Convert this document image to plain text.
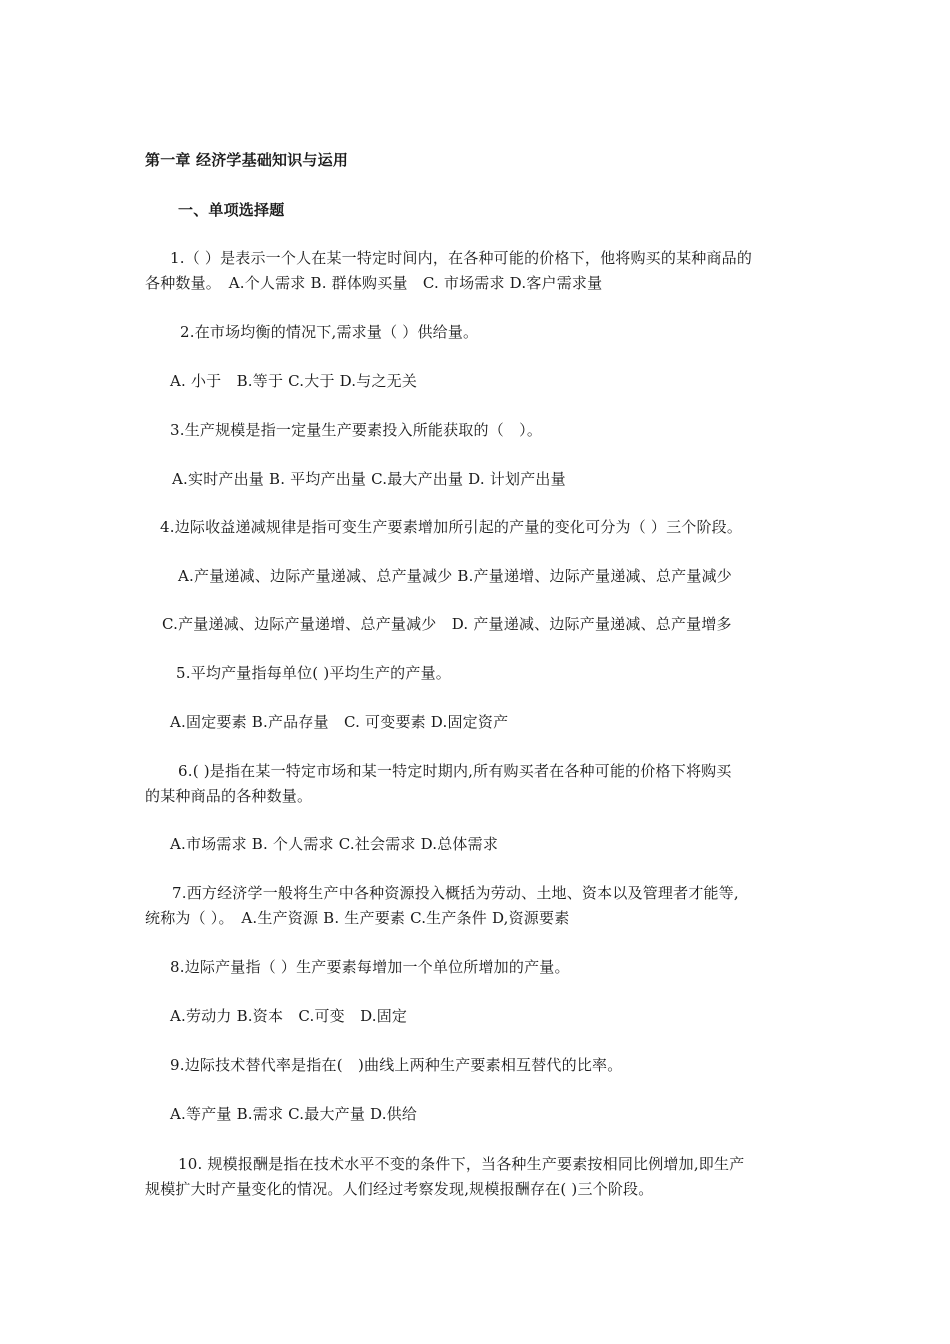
第一章 经济学基础知识与运用
一、单项选择题
1.（ ）是表示一个人在某一特定时间内，在各种可能的价格下，他将购买的某种商品的
各种数量。　A.个人需求 B. 群体购买量　C. 市场需求 D.客户需求量
2.在市场均衡的情况下,需求量（ ）供给量。
A. 小于　B.等于 C.大于 D.与之无关
3.生产规模是指一定量生产要素投入所能获取的（　）。
A.实时产出量 B. 平均产出量 C.最大产出量 D. 计划产出量
4.边际收益递减规律是指可变生产要素增加所引起的产量的变化可分为（ ）三个阶段。
A.产量递减、边际产量递减、总产量减少 B.产量递增、边际产量递减、总产量减少
C.产量递减、边际产量递增、总产量减少　D. 产量递减、边际产量递减、总产量增多
5.平均产量指每单位( )平均生产的产量。
A.固定要素 B.产品存量　C. 可变要素 D.固定资产
6.( )是指在某一特定市场和某一特定时期内,所有购买者在各种可能的价格下将购买
的某种商品的各种数量。
A.市场需求 B. 个人需求 C.社会需求 D.总体需求
7.西方经济学一般将生产中各种资源投入概括为劳动、土地、资本以及管理者才能等,
统称为（ ）。　A.生产资源 B. 生产要素 C.生产条件 D,资源要素
8.边际产量指（ ）生产要素每增加一个单位所增加的产量。
A.劳动力 B.资本　C.可变　D.固定
9.边际技术替代率是指在(　)曲线上两种生产要素相互替代的比率。
A.等产量 B.需求 C.最大产量 D.供给
10. 规模报酬是指在技术水平不变的条件下，当各种生产要素按相同比例增加,即生产
规模扩大时产量变化的情况。人们经过考察发现,规模报酬存在( )三个阶段。
